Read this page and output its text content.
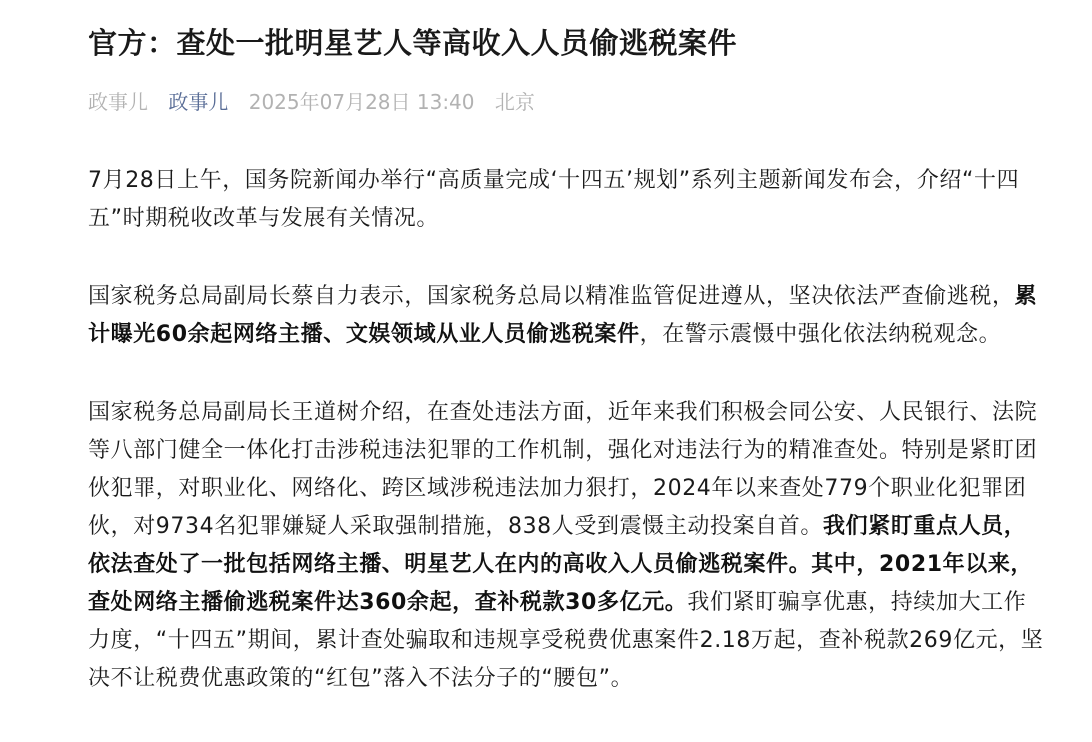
官方：查处一批明星艺人等高收入人员偷逃税案件
政事儿 政事儿 2025年07月28日 13:40 北京

7月28日上午，国务院新闻办举行“高质量完成‘十四五’规划”系列主题新闻发布会，介绍“十四五”时期税收改革与发展有关情况。

国家税务总局副局长蔡自力表示，国家税务总局以精准监管促进遵从，坚决依法严查偷逃税，累计曝光60余起网络主播、文娱领域从业人员偷逃税案件，在警示震慑中强化依法纳税观念。

国家税务总局副局长王道树介绍，在查处违法方面，近年来我们积极会同公安、人民银行、法院等八部门健全一体化打击涉税违法犯罪的工作机制，强化对违法行为的精准查处。特别是紧盯团伙犯罪，对职业化、网络化、跨区域涉税违法加力狠打，2024年以来查处779个职业化犯罪团伙，对9734名犯罪嫌疑人采取强制措施，838人受到震慑主动投案自首。我们紧盯重点人员，依法查处了一批包括网络主播、明星艺人在内的高收入人员偷逃税案件。其中，2021年以来，查处网络主播偷逃税案件达360余起，查补税款30多亿元。我们紧盯骗享优惠，持续加大工作力度，“十四五”期间，累计查处骗取和违规享受税费优惠案件2.18万起，查补税款269亿元，坚决不让税费优惠政策的“红包”落入不法分子的“腰包”。
